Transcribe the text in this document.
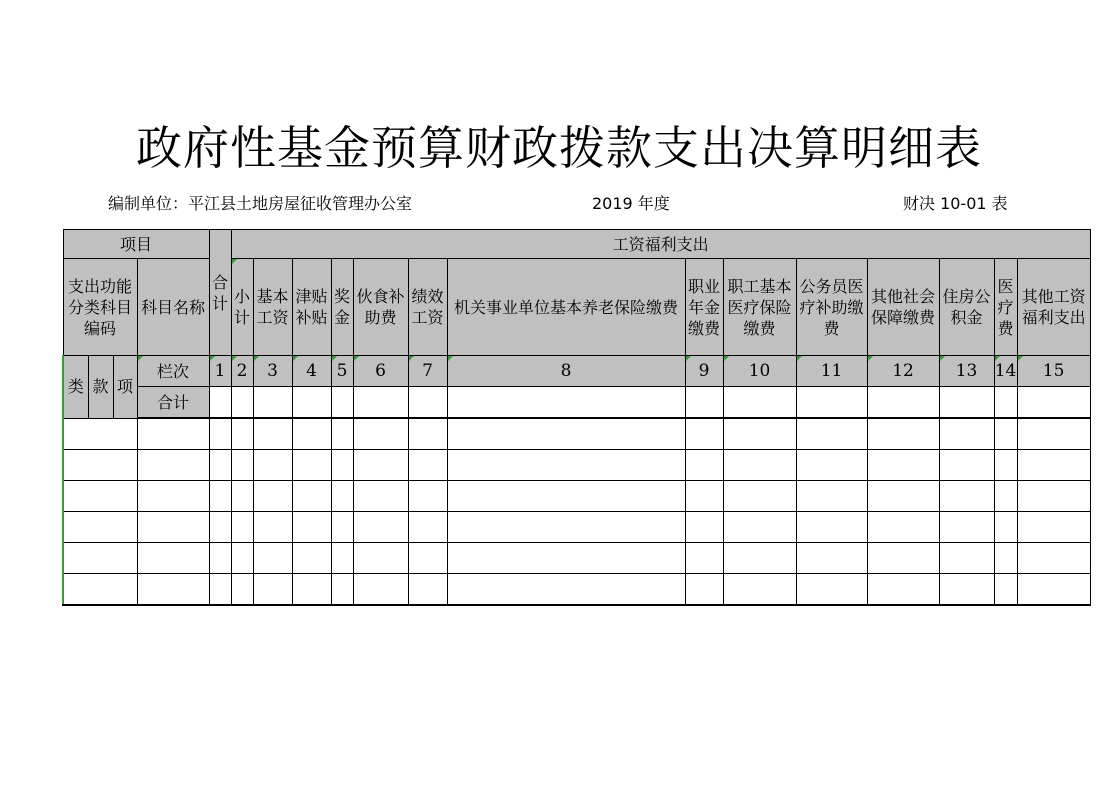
政府性基金预算财政拨款支出决算明细表
编制单位：平江县土地房屋征收管理办公室	2019 年度	财决 10-01 表
项目				合计	工资福利支出													
支出功能分类科目编码			科目名称		小计	基本工资	津贴补贴	奖金	伙食补助费	绩效工资	机关事业单位基本养老保险缴费	职业年金缴费	职工基本医疗保险缴费	公务员医疗补助缴费	其他社会保障缴费	住房公积金	医疗费	其他工资福利支出
类	款	项	栏次	1	2	3	4	5	6	7	8	9	10	11	12	13	14	15
			合计															
